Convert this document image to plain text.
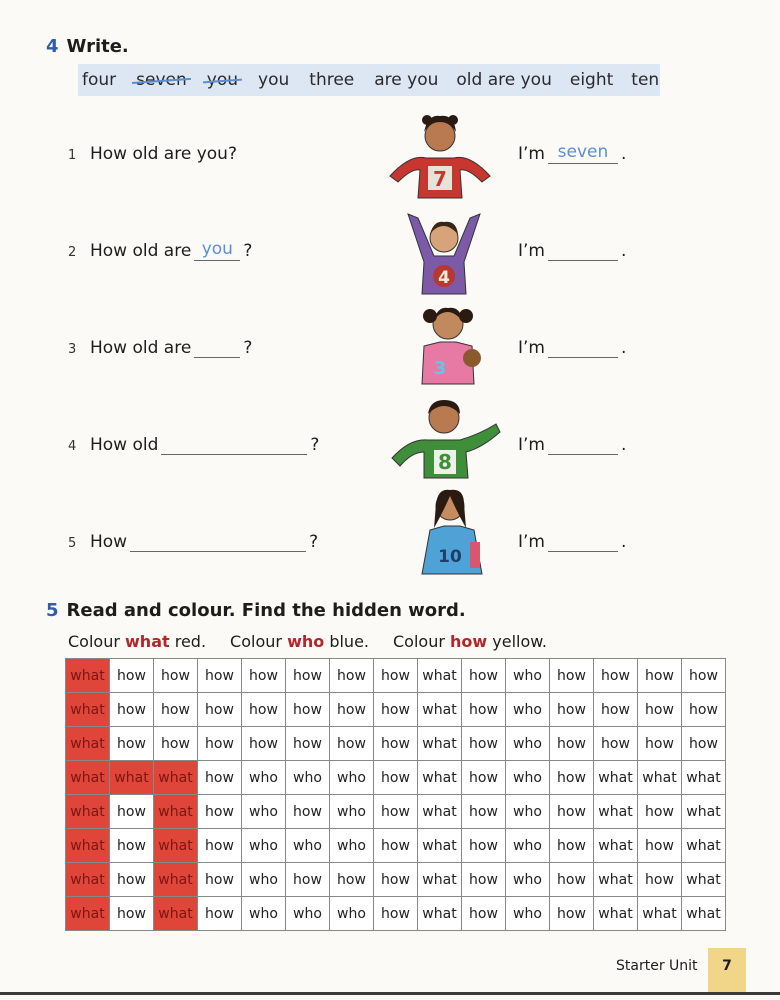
4 Write.
four seven you you three are you old are you eight ten
1 How old are you?	I’m seven .
2 How old are you ?	I’m	.
3 How old are	?	I’m	.
4 How old	?	I’m	.
5 How	?	I’m	.
7
4
3
8
10
5 Read and colour. Find the hidden word.
Colour what red. Colour who blue. Colour how yellow.
what	how	how	how	how	how	how	how	what	how	who	how	how	how	how
what	how	how	how	how	how	how	how	what	how	who	how	how	how	how
what	how	how	how	how	how	how	how	what	how	who	how	how	how	how
what	what	what	how	who	who	who	how	what	how	who	how	what	what	what
what	how	what	how	who	how	who	how	what	how	who	how	what	how	what
what	how	what	how	who	who	who	how	what	how	who	how	what	how	what
what	how	what	how	who	how	how	how	what	how	who	how	what	how	what
what	how	what	how	who	who	who	how	what	how	who	how	what	what	what
Starter Unit	7
